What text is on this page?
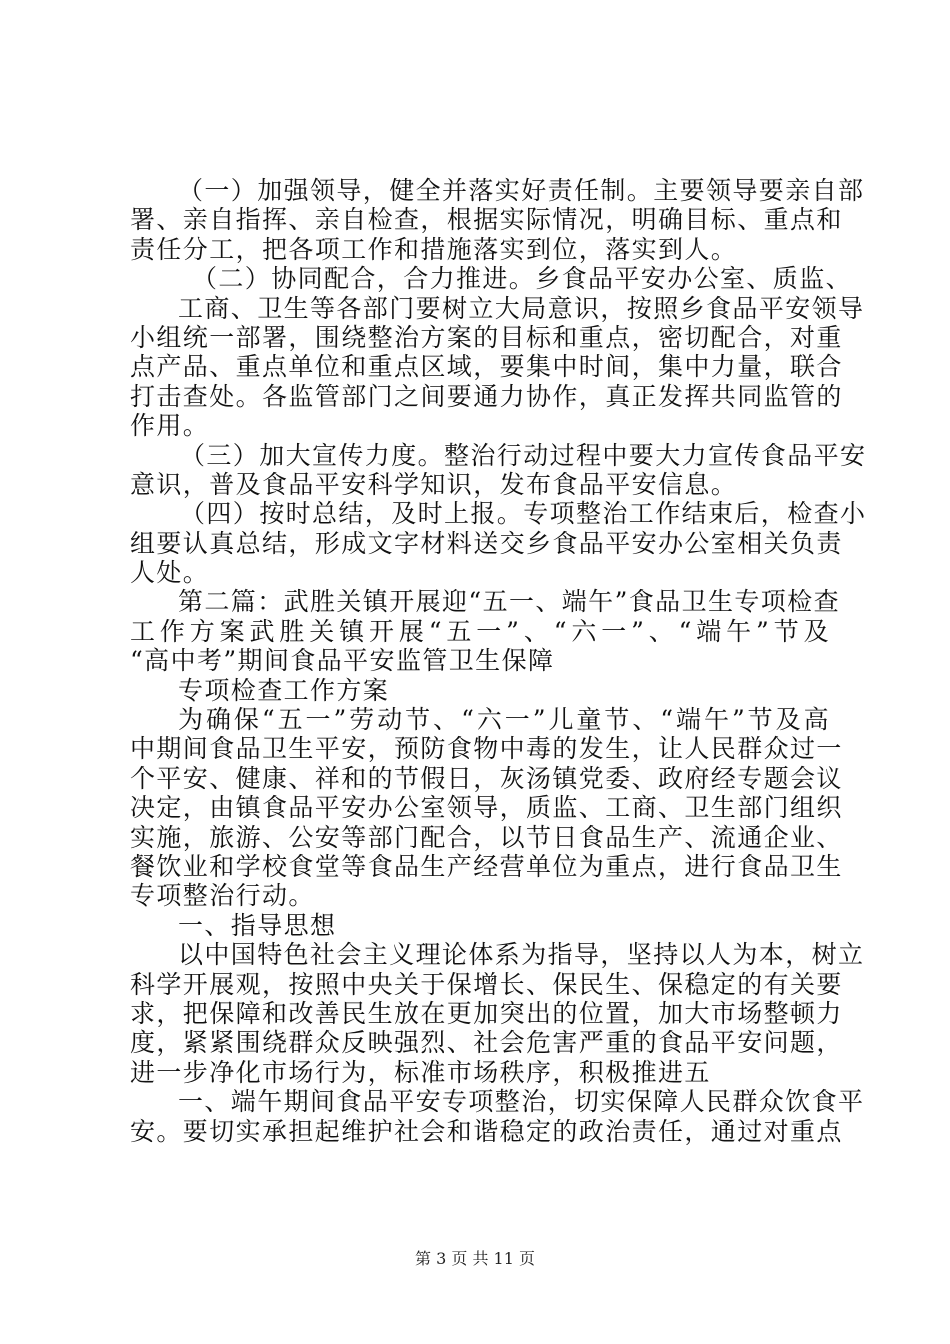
（一）加强领导，健全并落实好责任制。主要领导要亲自部
署、亲自指挥、亲自检查，根据实际情况，明确目标、重点和
责任分工，把各项工作和措施落实到位，落实到人。
（二）协同配合，合力推进。乡食品平安办公室、质监、
工商、卫生等各部门要树立大局意识，按照乡食品平安领导
小组统一部署，围绕整治方案的目标和重点，密切配合，对重
点产品、重点单位和重点区域，要集中时间，集中力量，联合
打击查处。各监管部门之间要通力协作，真正发挥共同监管的
作用。
（三）加大宣传力度。整治行动过程中要大力宣传食品平安
意识，普及食品平安科学知识，发布食品平安信息。
（四）按时总结，及时上报。专项整治工作结束后，检查小
组要认真总结，形成文字材料送交乡食品平安办公室相关负责
人处。
第二篇：武胜关镇开展迎“五一、端午”食品卫生专项检查
工作方案武胜关镇开展“五一”、“六一”、“端午”节及
“高中考”期间食品平安监管卫生保障
专项检查工作方案
为确保“五一”劳动节、“六一”儿童节、“端午”节及高
中期间食品卫生平安，预防食物中毒的发生，让人民群众过一
个平安、健康、祥和的节假日，灰汤镇党委、政府经专题会议
决定，由镇食品平安办公室领导，质监、工商、卫生部门组织
实施，旅游、公安等部门配合，以节日食品生产、流通企业、
餐饮业和学校食堂等食品生产经营单位为重点，进行食品卫生
专项整治行动。
一、指导思想
以中国特色社会主义理论体系为指导，坚持以人为本，树立
科学开展观，按照中央关于保增长、保民生、保稳定的有关要
求，把保障和改善民生放在更加突出的位置，加大市场整顿力
度，紧紧围绕群众反映强烈、社会危害严重的食品平安问题，
进一步净化市场行为，标准市场秩序，积极推进五
一、端午期间食品平安专项整治，切实保障人民群众饮食平
安。要切实承担起维护社会和谐稳定的政治责任，通过对重点
第 3 页 共 11 页
